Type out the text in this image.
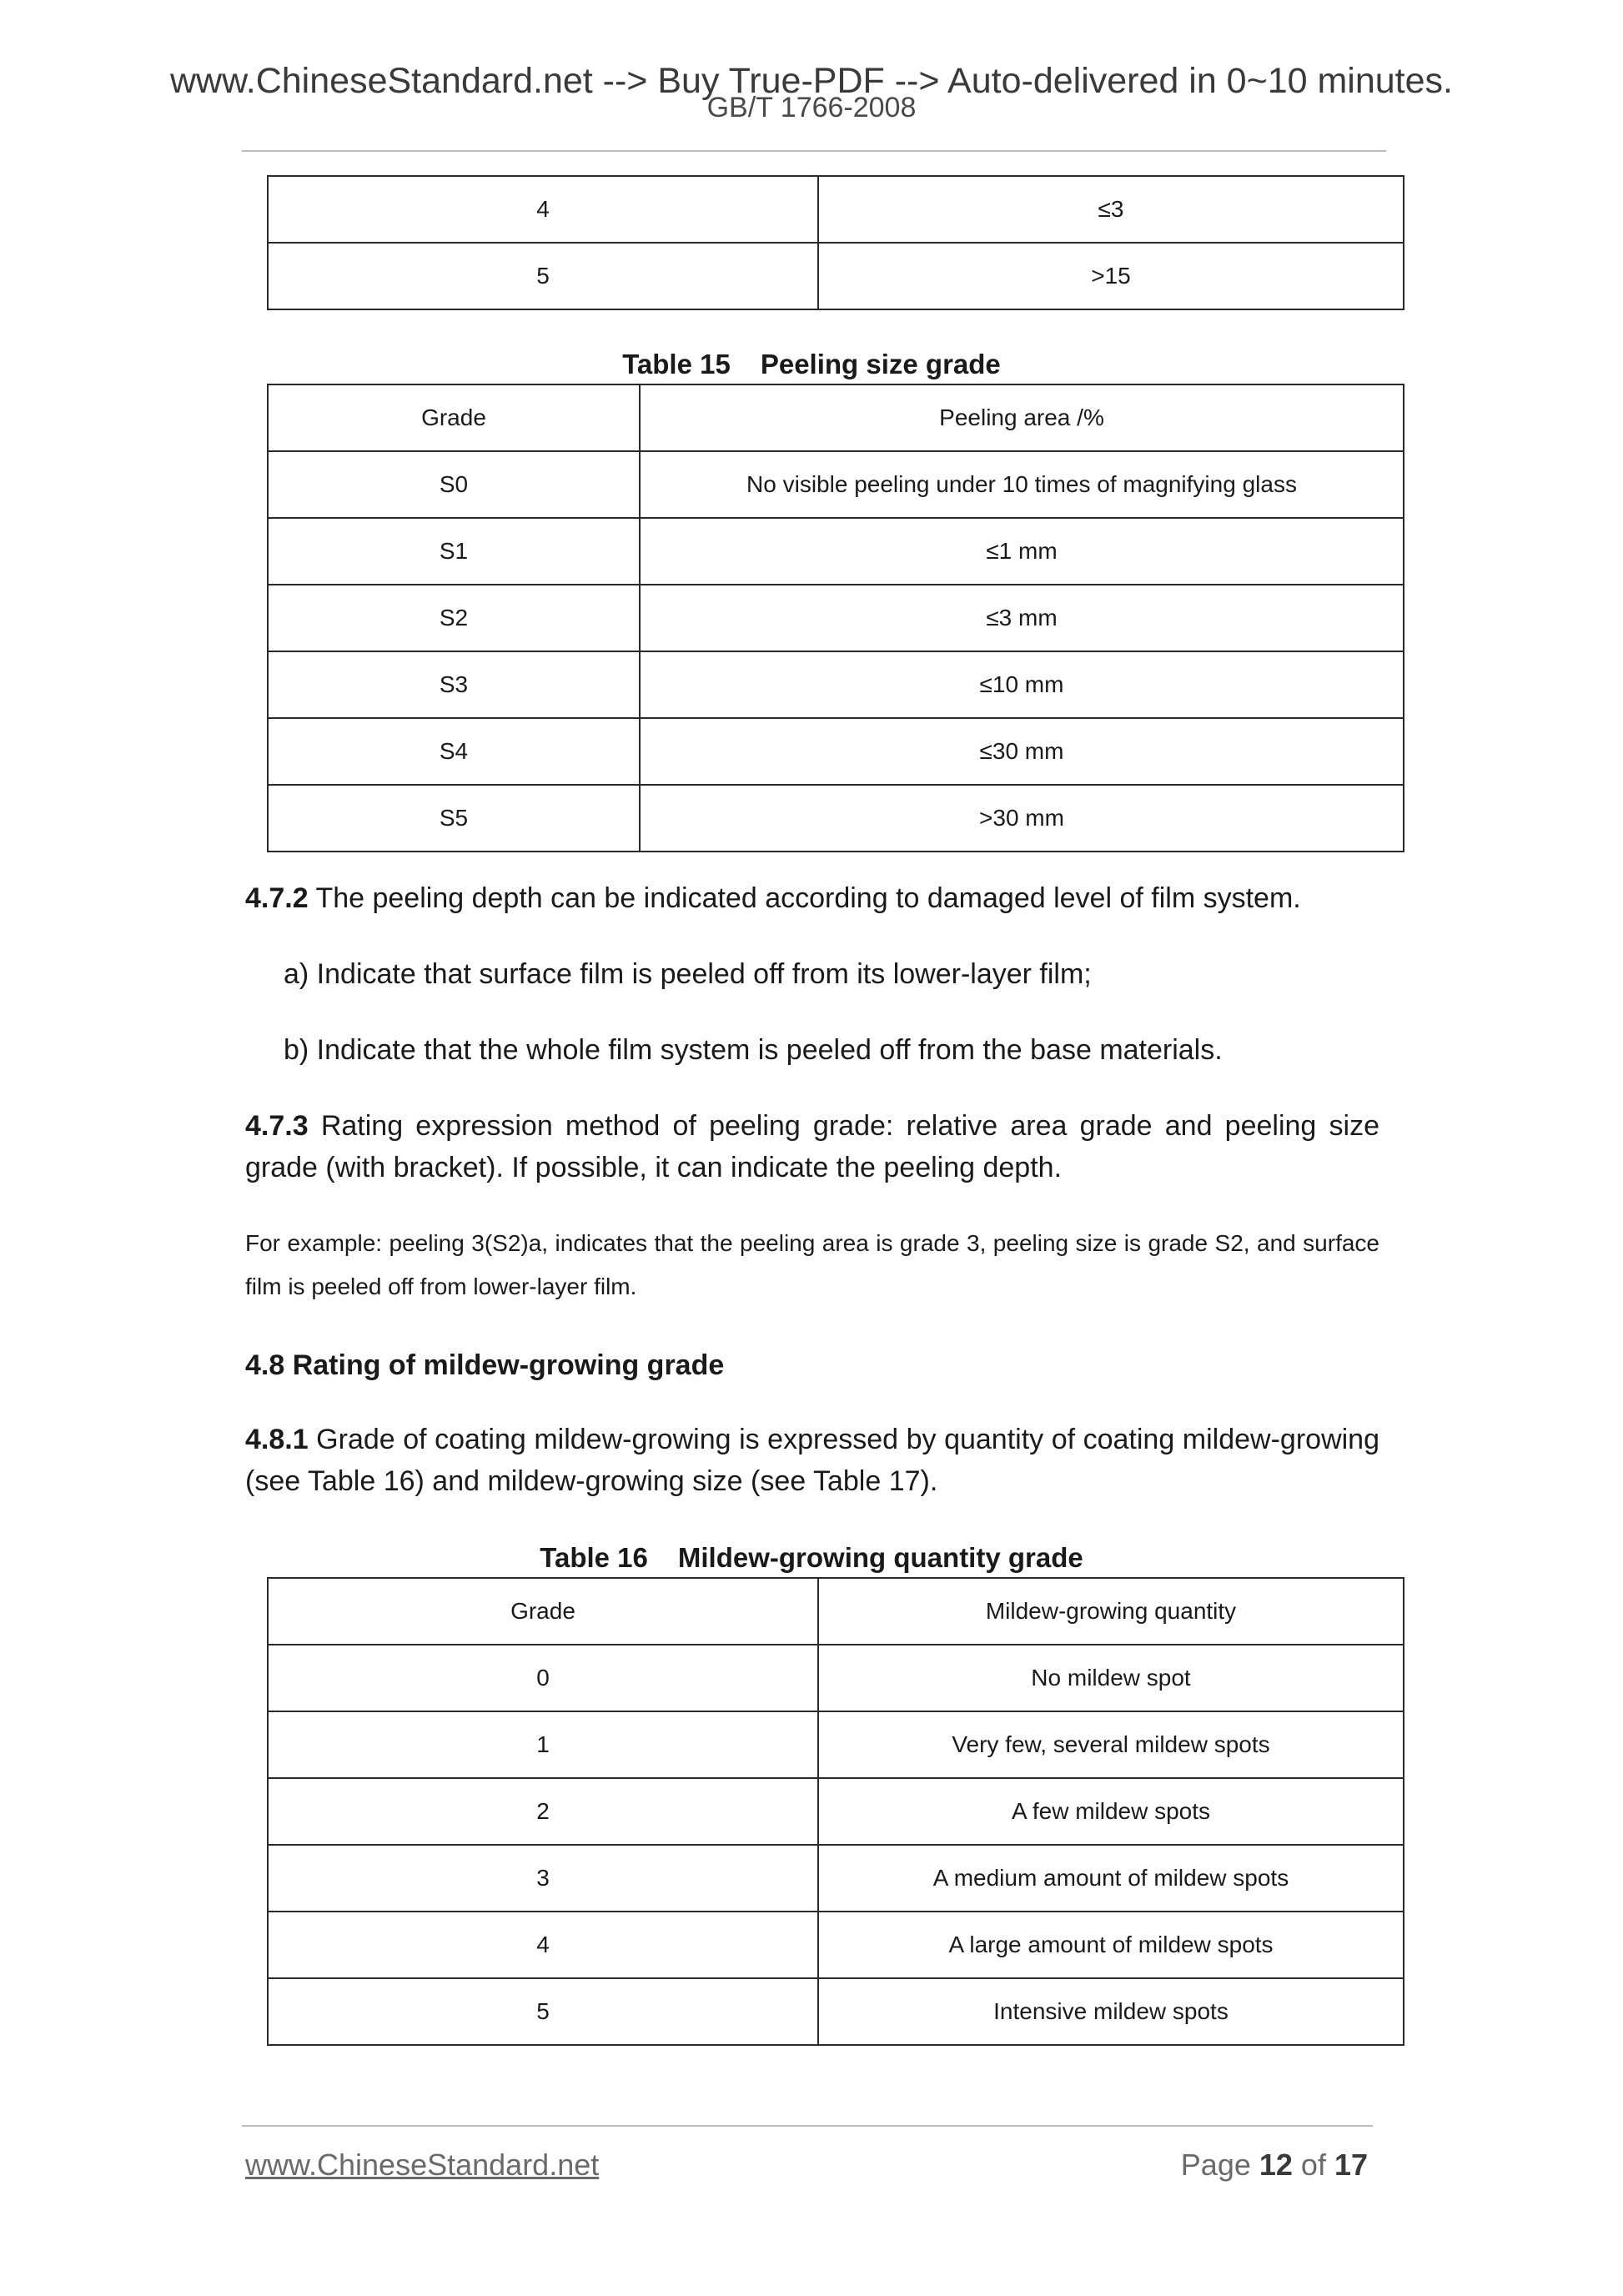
www.ChineseStandard.net --> Buy True-PDF --> Auto-delivered in 0~10 minutes.
GB/T 1766-2008
4	≤3
5	>15
Table 15 Peeling size grade
Grade	Peeling area /%
S0	No visible peeling under 10 times of magnifying glass
S1	≤1 mm
S2	≤3 mm
S3	≤10 mm
S4	≤30 mm
S5	>30 mm
4.7.2 The peeling depth can be indicated according to damaged level of film system.
a) Indicate that surface film is peeled off from its lower-layer film;
b) Indicate that the whole film system is peeled off from the base materials.
4.7.3 Rating expression method of peeling grade: relative area grade and peeling size grade (with bracket). If possible, it can indicate the peeling depth.
For example: peeling 3(S2)a, indicates that the peeling area is grade 3, peeling size is grade S2, and surface film is peeled off from lower-layer film.
4.8 Rating of mildew-growing grade
4.8.1 Grade of coating mildew-growing is expressed by quantity of coating mildew-growing (see Table 16) and mildew-growing size (see Table 17).
Table 16 Mildew-growing quantity grade
Grade	Mildew-growing quantity
0	No mildew spot
1	Very few, several mildew spots
2	A few mildew spots
3	A medium amount of mildew spots
4	A large amount of mildew spots
5	Intensive mildew spots
www.ChineseStandard.net	Page 12 of 17
